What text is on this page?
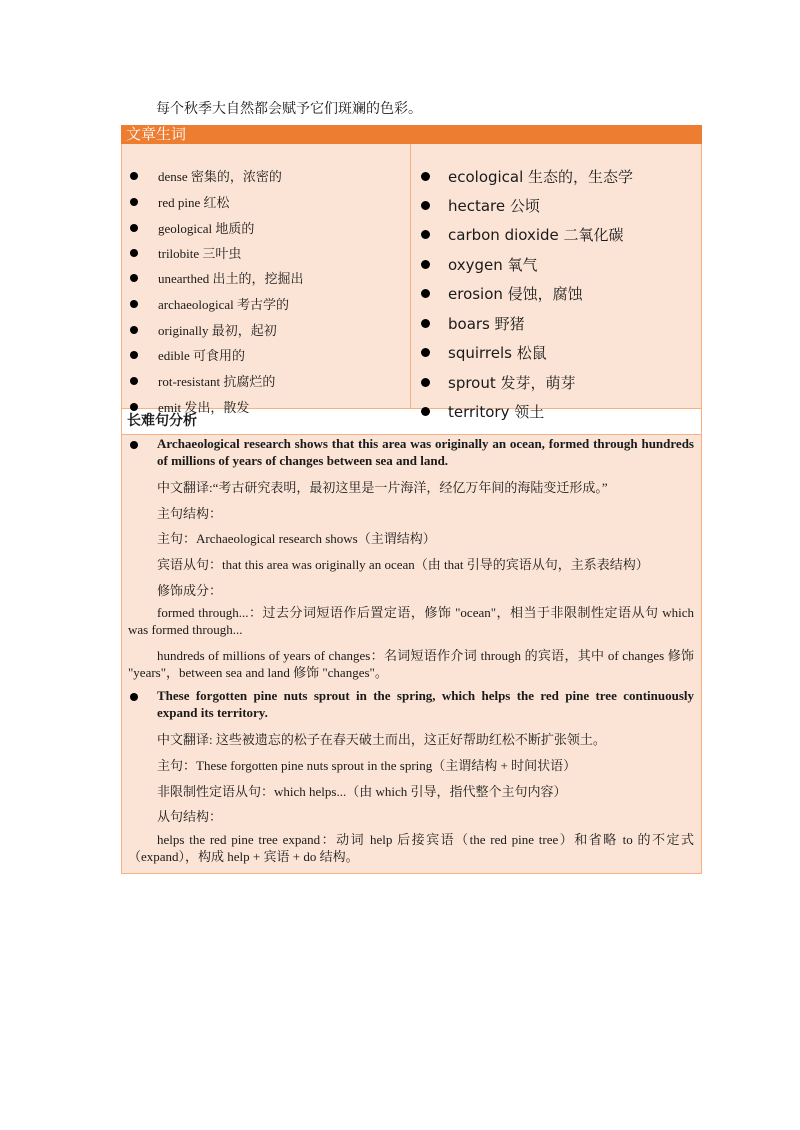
每个秋季大自然都会赋予它们斑斓的色彩。
文章生词
dense 密集的，浓密的
red pine 红松
geological 地质的
trilobite 三叶虫
unearthed 出土的，挖掘出
archaeological 考古学的
originally 最初，起初
edible 可食用的
rot-resistant 抗腐烂的
emit 发出，散发
ecological 生态的，生态学
hectare 公顷
carbon dioxide 二氧化碳
oxygen 氧气
erosion 侵蚀，腐蚀
boars 野猪
squirrels 松鼠
sprout 发芽，萌芽
territory 领土
长难句分析
Archaeological research shows that this area was originally an ocean, formed through hundreds of millions of years of changes between sea and land.
中文翻译:“考古研究表明，最初这里是一片海洋，经亿万年间的海陆变迁形成。”
主句结构：
主句：Archaeological research shows（主谓结构）
宾语从句：that this area was originally an ocean（由 that 引导的宾语从句，主系表结构）
修饰成分：
formed through...：过去分词短语作后置定语，修饰 "ocean"，相当于非限制性定语从句 which was formed through...
hundreds of millions of years of changes：名词短语作介词 through 的宾语，其中 of changes 修饰 "years"，between sea and land 修饰 "changes"。
These forgotten pine nuts sprout in the spring, which helps the red pine tree continuously expand its territory.
中文翻译: 这些被遗忘的松子在春天破土而出，这正好帮助红松不断扩张领土。
主句：These forgotten pine nuts sprout in the spring（主谓结构 + 时间状语）
非限制性定语从句：which helps...（由 which 引导，指代整个主句内容）
从句结构：
helps the red pine tree expand：动词 help 后接宾语（the red pine tree）和省略 to 的不定式（expand），构成 help + 宾语 + do 结构。
